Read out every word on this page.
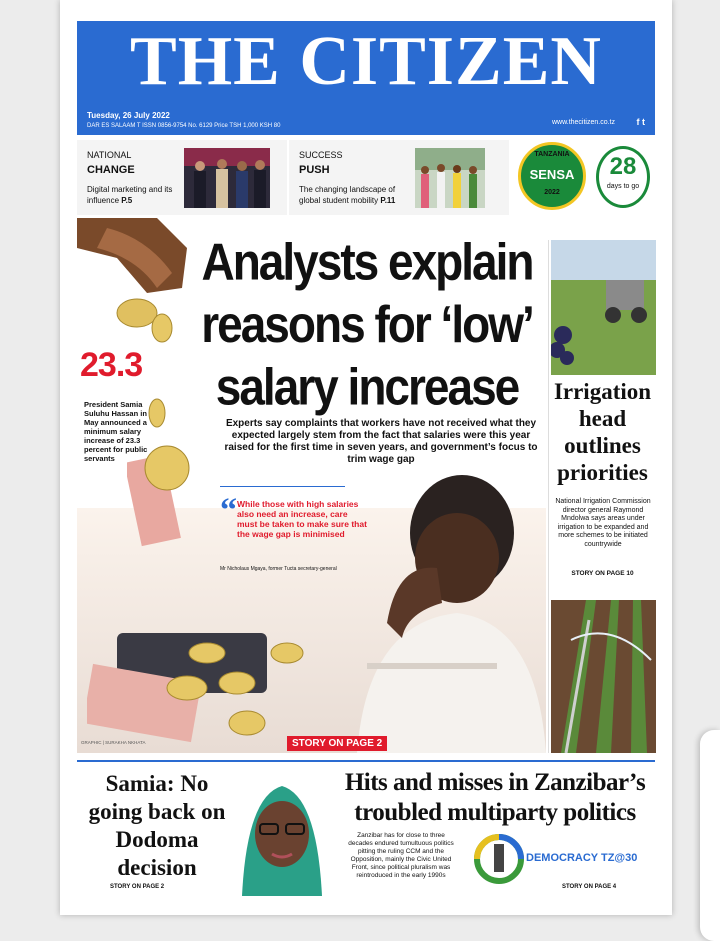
THE CITIZEN
Tuesday, 26 July 2022
DAR ES SALAAM T ISSN 0856-9754 No. 6129 Price TSH 1,000 KSH 80	www.thecitizen.co.tz f t
NATIONAL
CHANGE
Digital marketing and its influence P.5
SUCCESS
PUSH
The changing landscape of global student mobility P.11
TANZANIA
SENSA
2022
28
days to go
Analysts explain reasons for ‘low’ salary increase
23.3
President Samia Suluhu Hassan in May announced a minimum salary increase of 23.3 percent for public servants
Experts say complaints that workers have not received what they expected largely stem from the fact that salaries were this year raised for the first time in seven years, and government’s focus to trim wage gap
“ While those with high salaries also need an increase, care must be taken to make sure that the wage gap is minimised
Mr Nicholaus Mgaya, former Tucta secretary-general
GRAPHIC | SURAKHA NKHATA	STORY ON PAGE 2
Irrigation head outlines priorities
National Irrigation Commission director general Raymond Mndolwa says areas under irrigation to be expanded and more schemes to be initiated countrywide
STORY ON PAGE 10
Samia: No going back on Dodoma decision
STORY ON PAGE 2
Hits and misses in Zanzibar’s troubled multiparty politics
Zanzibar has for close to three decades endured tumultuous politics pitting the ruling CCM and the Opposition, mainly the Civic United Front, since political pluralism was reintroduced in the early 1990s
DEMOCRACY TZ@30
STORY ON PAGE 4
